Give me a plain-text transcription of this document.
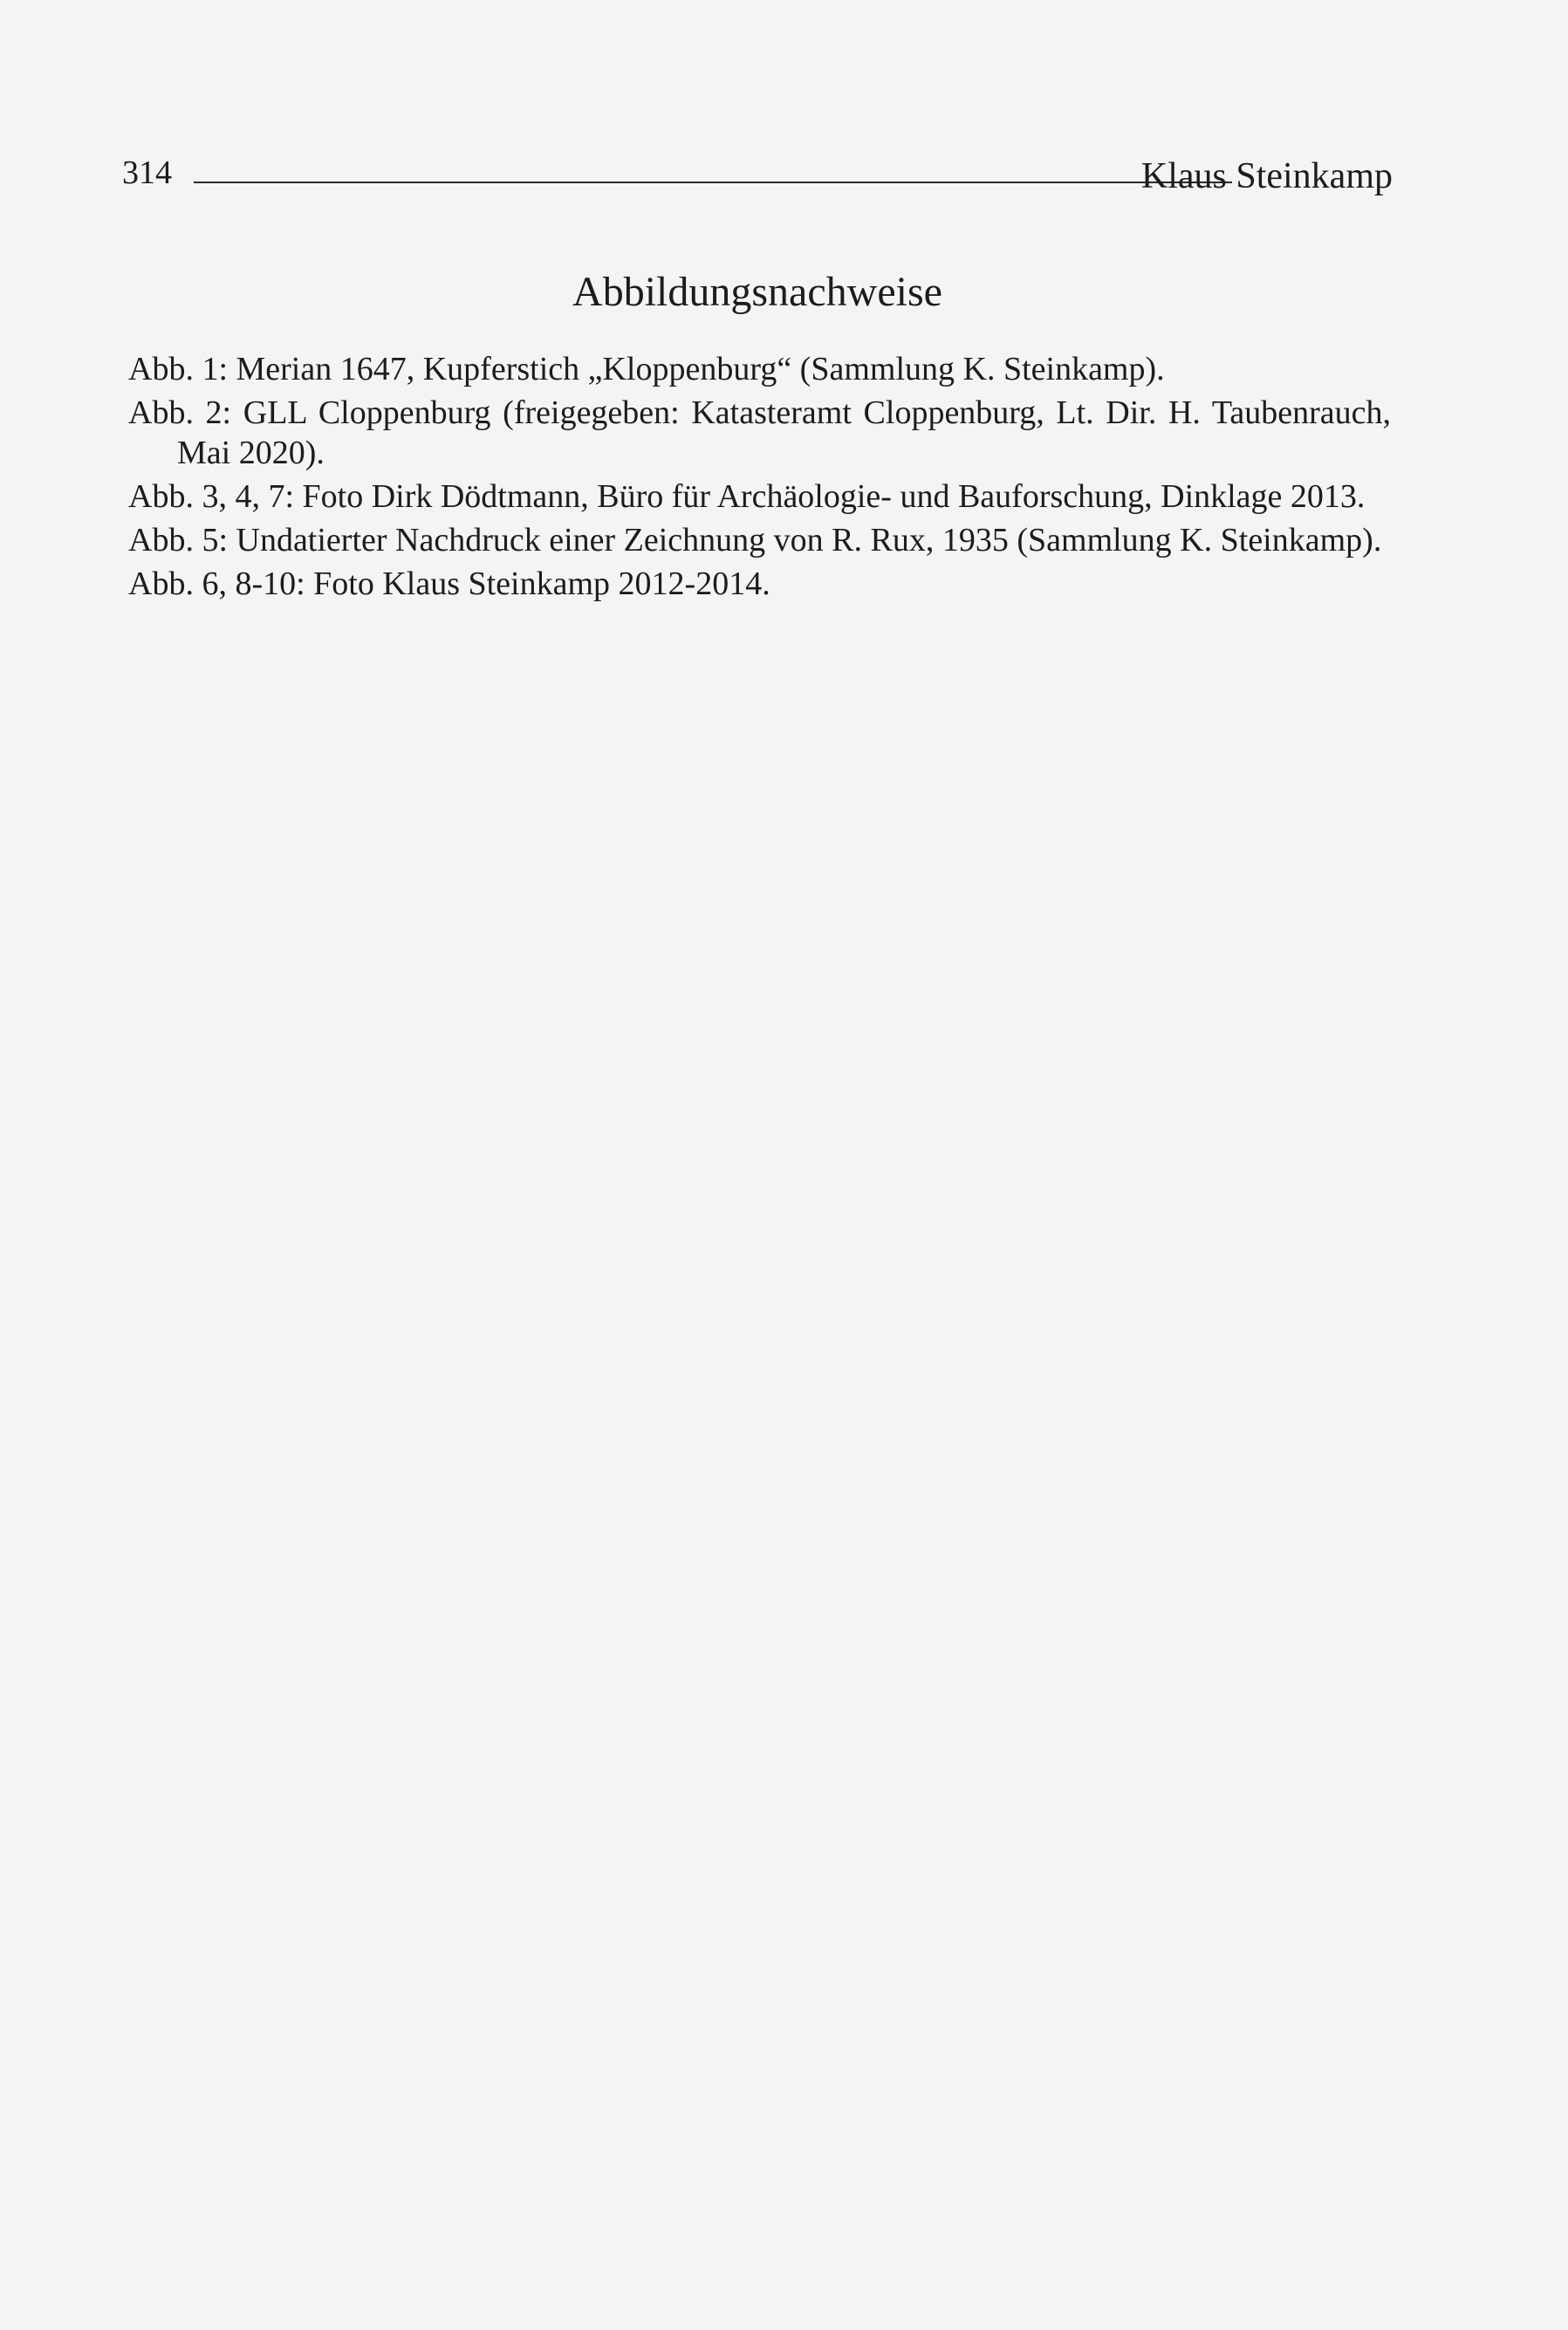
314	Klaus Steinkamp
Abbildungsnachweise
Abb. 1: Merian 1647, Kupferstich „Kloppenburg“ (Sammlung K. Steinkamp).
Abb. 2: GLL Cloppenburg (freigegeben: Katasteramt Cloppenburg, Lt. Dir. H. Taubenrauch, Mai 2020).
Abb. 3, 4, 7: Foto Dirk Dödtmann, Büro für Archäologie- und Bauforschung, Dinklage 2013.
Abb. 5: Undatierter Nachdruck einer Zeichnung von R. Rux, 1935 (Sammlung K. Steinkamp).
Abb. 6, 8-10: Foto Klaus Steinkamp 2012-2014.
